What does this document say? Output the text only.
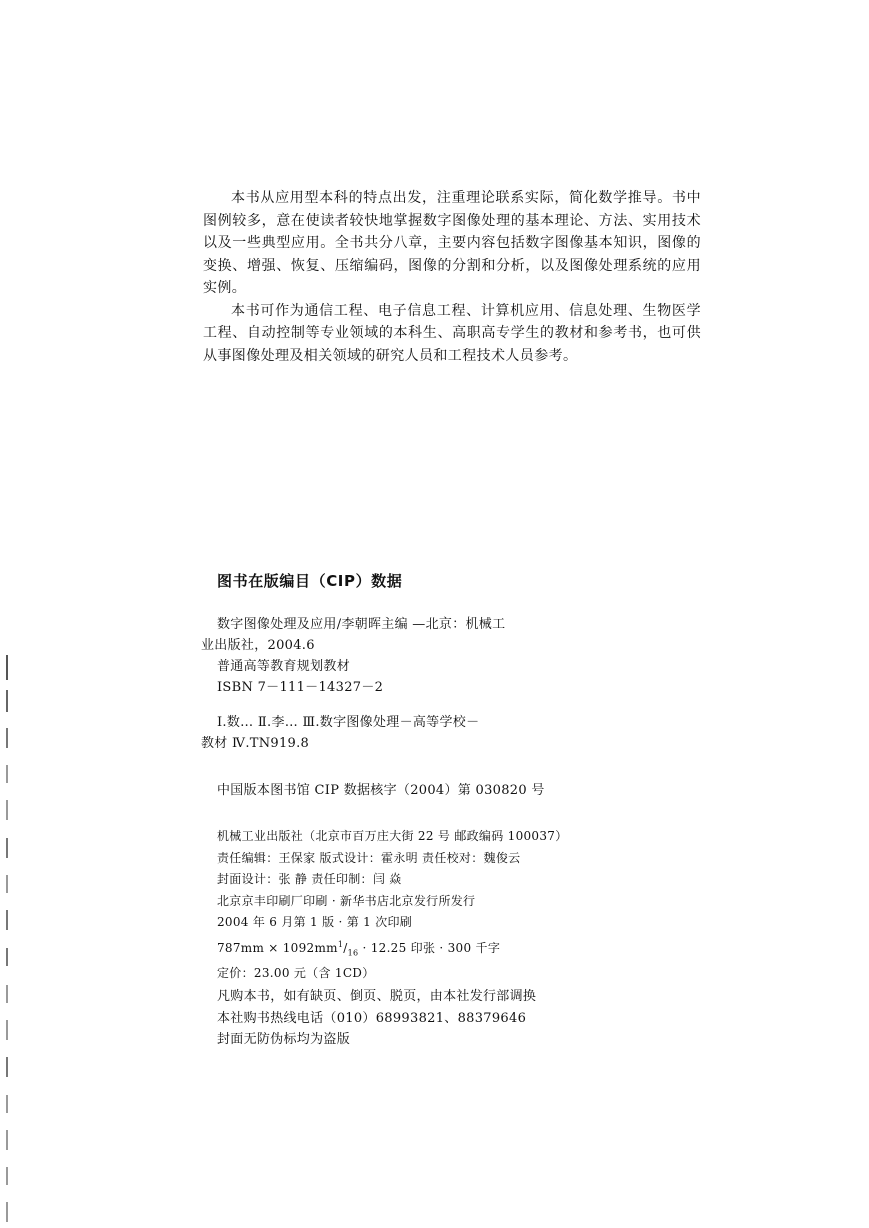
本书从应用型本科的特点出发，注重理论联系实际，简化数学推导。书中图例较多，意在使读者较快地掌握数字图像处理的基本理论、方法、实用技术以及一些典型应用。全书共分八章，主要内容包括数字图像基本知识，图像的变换、增强、恢复、压缩编码，图像的分割和分析，以及图像处理系统的应用实例。

本书可作为通信工程、电子信息工程、计算机应用、信息处理、生物医学工程、自动控制等专业领域的本科生、高职高专学生的教材和参考书，也可供从事图像处理及相关领域的研究人员和工程技术人员参考。

图书在版编目（CIP）数据
数字图像处理及应用/李朝晖主编 —北京：机械工
业出版社，2004.6
普通高等教育规划教材
ISBN 7－111－14327－2
Ⅰ.数… Ⅱ.李… Ⅲ.数字图像处理－高等学校－
教材 Ⅳ.TN919.8
中国版本图书馆 CIP 数据核字（2004）第 030820 号
机械工业出版社（北京市百万庄大街 22 号 邮政编码 100037）
责任编辑：王保家 版式设计：霍永明 责任校对：魏俊云
封面设计：张 静 责任印制：闫 焱
北京京丰印刷厂印刷 · 新华书店北京发行所发行
2004 年 6 月第 1 版 · 第 1 次印刷
$787mm \times 1092mm^1/_{16} \cdot 12.25$ 印张 · 300 千字
定价：23.00 元（含 1CD）
凡购本书，如有缺页、倒页、脱页，由本社发行部调换
本社购书热线电话（010）68993821、88379646
封面无防伪标均为盗版
